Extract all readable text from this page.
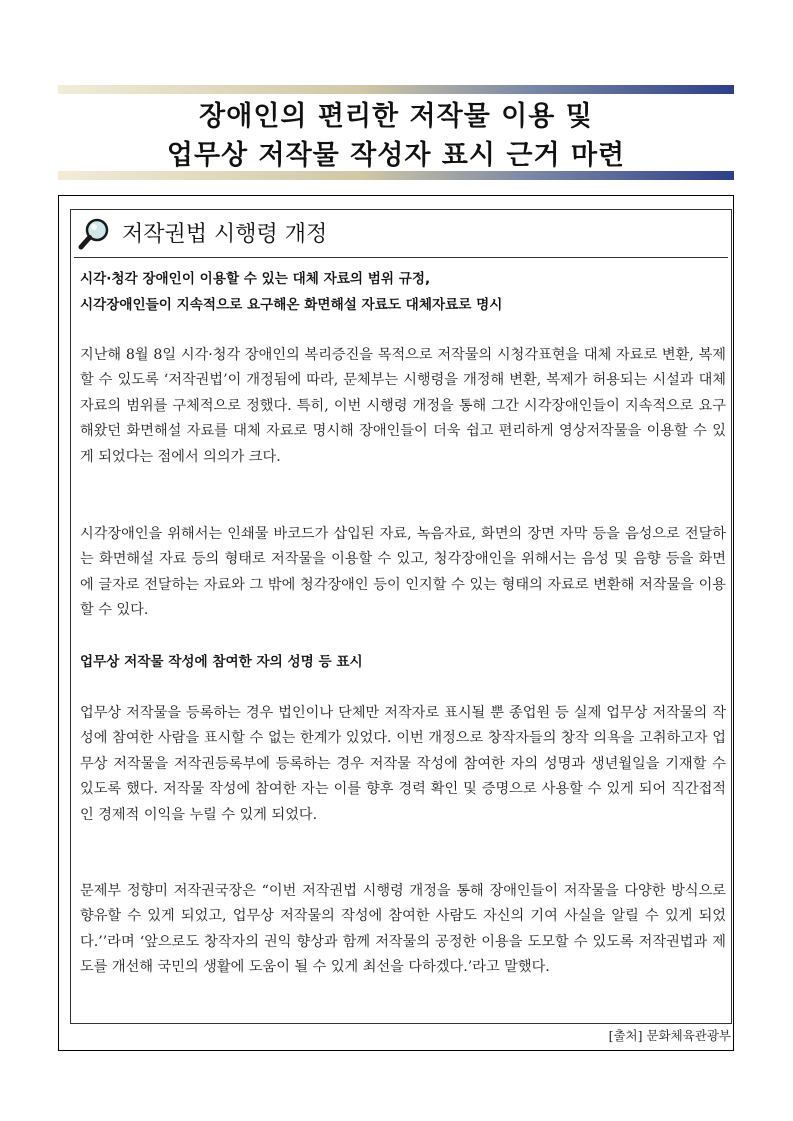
장애인의 편리한 저작물 이용 및
업무상 저작물 작성자 표시 근거 마련
저작권법 시행령 개정
시각·청각 장애인이 이용할 수 있는 대체 자료의 범위 규정,
시각장애인들이 지속적으로 요구해온 화면해설 자료도 대체자료로 명시

지난해 8월 8일 시각·청각 장애인의 복리증진을 목적으로 저작물의 시청각표현을 대체 자료로 변환, 복제할 수 있도록 ‘저작권법’이 개정됨에 따라, 문체부는 시행령을 개정해 변환, 복제가 허용되는 시설과 대체 자료의 범위를 구체적으로 정했다. 특히, 이번 시행령 개정을 통해 그간 시각장애인들이 지속적으로 요구해왔던 화면해설 자료를 대체 자료로 명시해 장애인들이 더욱 쉽고 편리하게 영상저작물을 이용할 수 있게 되었다는 점에서 의의가 크다.

시각장애인을 위해서는 인쇄물 바코드가 삽입된 자료, 녹음자료, 화면의 장면 자막 등을 음성으로 전달하는 화면해설 자료 등의 형태로 저작물을 이용할 수 있고, 청각장애인을 위해서는 음성 및 음향 등을 화면에 글자로 전달하는 자료와 그 밖에 청각장애인 등이 인지할 수 있는 형태의 자료로 변환해 저작물을 이용할 수 있다.

업무상 저작물 작성에 참여한 자의 성명 등 표시

업무상 저작물을 등록하는 경우 법인이나 단체만 저작자로 표시될 뿐 종업원 등 실제 업무상 저작물의 작성에 참여한 사람을 표시할 수 없는 한계가 있었다. 이번 개정으로 창작자들의 창작 의욕을 고취하고자 업무상 저작물을 저작권등록부에 등록하는 경우 저작물 작성에 참여한 자의 성명과 생년월일을 기재할 수 있도록 했다. 저작물 작성에 참여한 자는 이를 향후 경력 확인 및 증명으로 사용할 수 있게 되어 직간접적인 경제적 이익을 누릴 수 있게 되었다.

문제부 정향미 저작권국장은 “이번 저작권법 시행령 개정을 통해 장애인들이 저작물을 다양한 방식으로 향유할 수 있게 되었고, 업무상 저작물의 작성에 참여한 사람도 자신의 기여 사실을 알릴 수 있게 되었다.’’라며 ‘앞으로도 창작자의 권익 향상과 함께 저작물의 공정한 이용을 도모할 수 있도록 저작권법과 제도를 개선해 국민의 생활에 도움이 될 수 있게 최선을 다하겠다.’라고 말했다.

[출처] 문화체육관광부
